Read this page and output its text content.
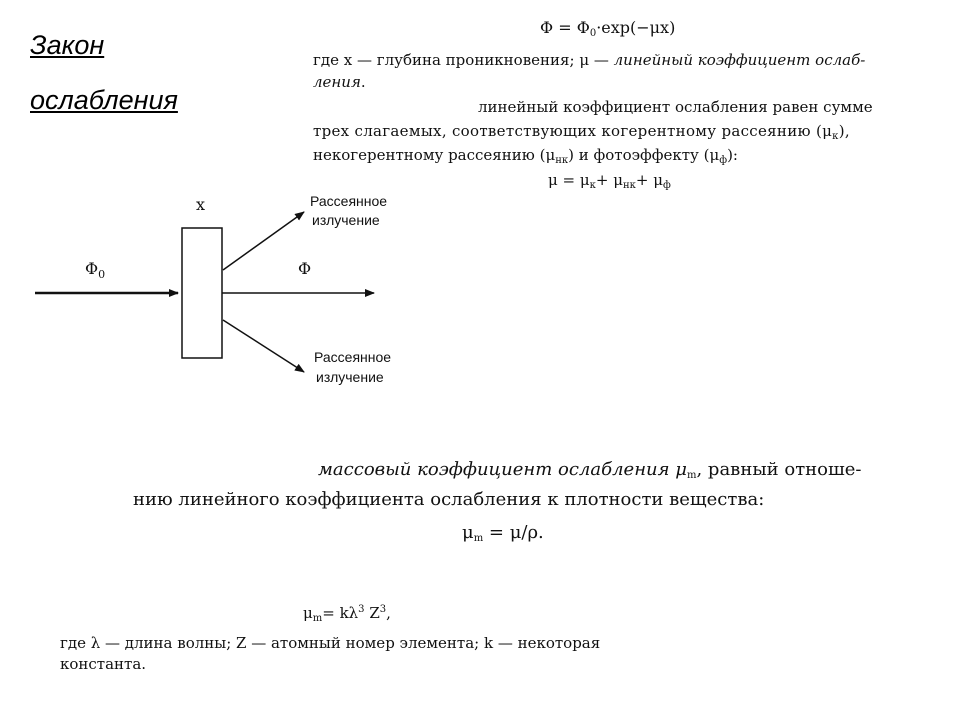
Закон
ослабления
$\Phi = \Phi_0\cdot\exp(-\mu x)$
где x — глубина проникновения; μ — линейный коэффициент ослаб-
ления.
линейный коэффициент ослабления равен сумме
трех слагаемых, соответствующих когерентному рассеянию $(\mu_к)$,
некогерентному рассеянию $(\mu_{нк})$ и фотоэффекту $(\mu_ф)$:
$\mu = \mu_к+ \mu_{нк}+ \mu_ф$
x
$\Phi_0$	Φ
Рассеянное
излучение
Рассеянное
излучение
массовый коэффициент ослабления $\mu_m$, равный отноше-
нию линейного коэффициента ослабления к плотности вещества:
$\mu_m = \mu/\rho$.
$\mu_m= k\lambda^3$ $Z^3$,
где λ — длина волны; Z — атомный номер элемента; k — некоторая
константа.
